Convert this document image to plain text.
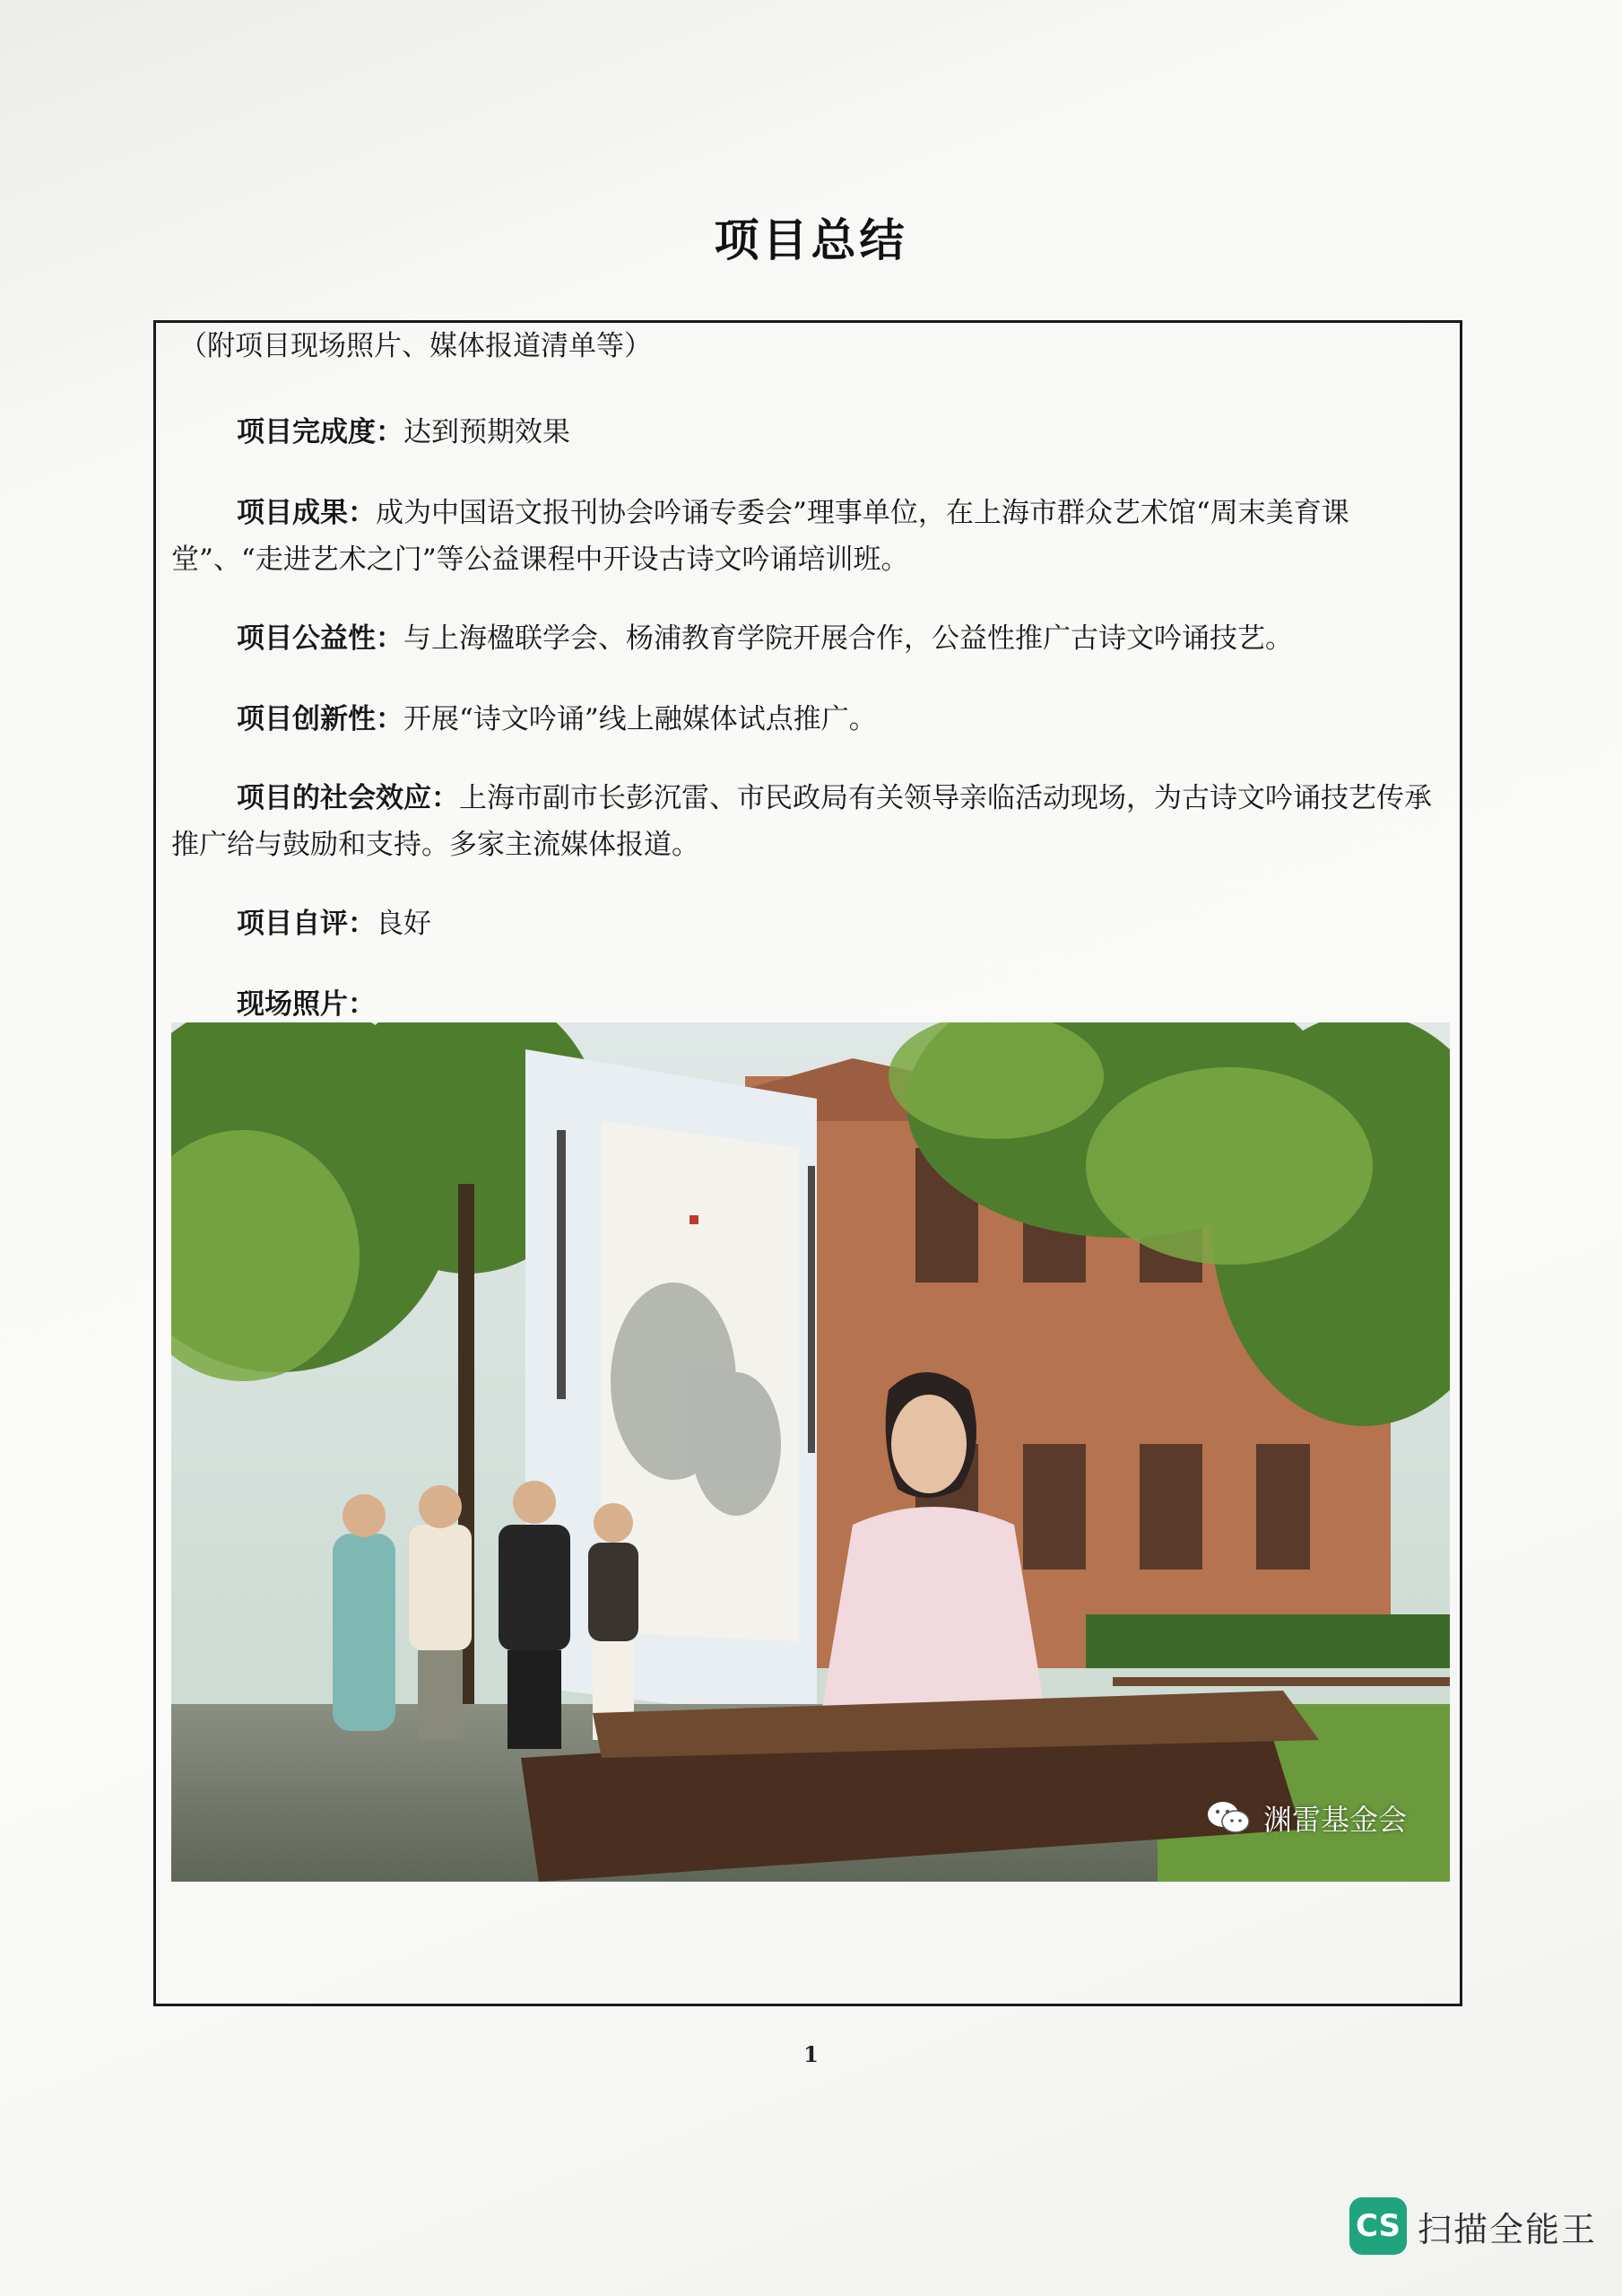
项目总结
（附项目现场照片、媒体报道清单等）
项目完成度：达到预期效果
项目成果：成为中国语文报刊协会吟诵专委会”理事单位，在上海市群众艺术馆“周末美育课堂”、“走进艺术之门”等公益课程中开设古诗文吟诵培训班。
项目公益性：与上海楹联学会、杨浦教育学院开展合作，公益性推广古诗文吟诵技艺。
项目创新性：开展“诗文吟诵”线上融媒体试点推广。
项目的社会效应：上海市副市长彭沉雷、市民政局有关领导亲临活动现场，为古诗文吟诵技艺传承推广给与鼓励和支持。多家主流媒体报道。
项目自评：良好
现场照片：
渊雷基金会
1
CS 扫描全能王
